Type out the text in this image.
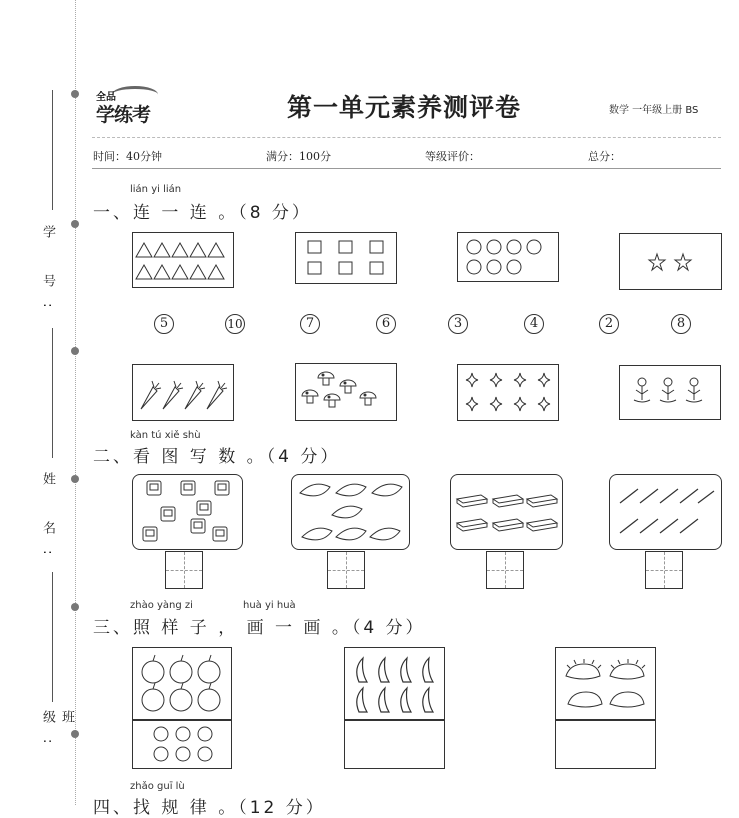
学 号:
姓 名:
班 级:
全品
学练考	第一单元素养测评卷	数学 一年级上册 BS
时间：40分钟	满分：100分	等级评价：	总分：
lián yi lián
一、连 一 连 。（8 分）
5	10	7	6	3	4	2	8
kàn tú xiě shù
二、看 图 写 数 。（4 分）
zhào yàng zi	huà yi huà
三、照 样 子 ， 画 一 画 。（4 分）
zhǎo guī lù
四、找 规 律 。（12 分）
